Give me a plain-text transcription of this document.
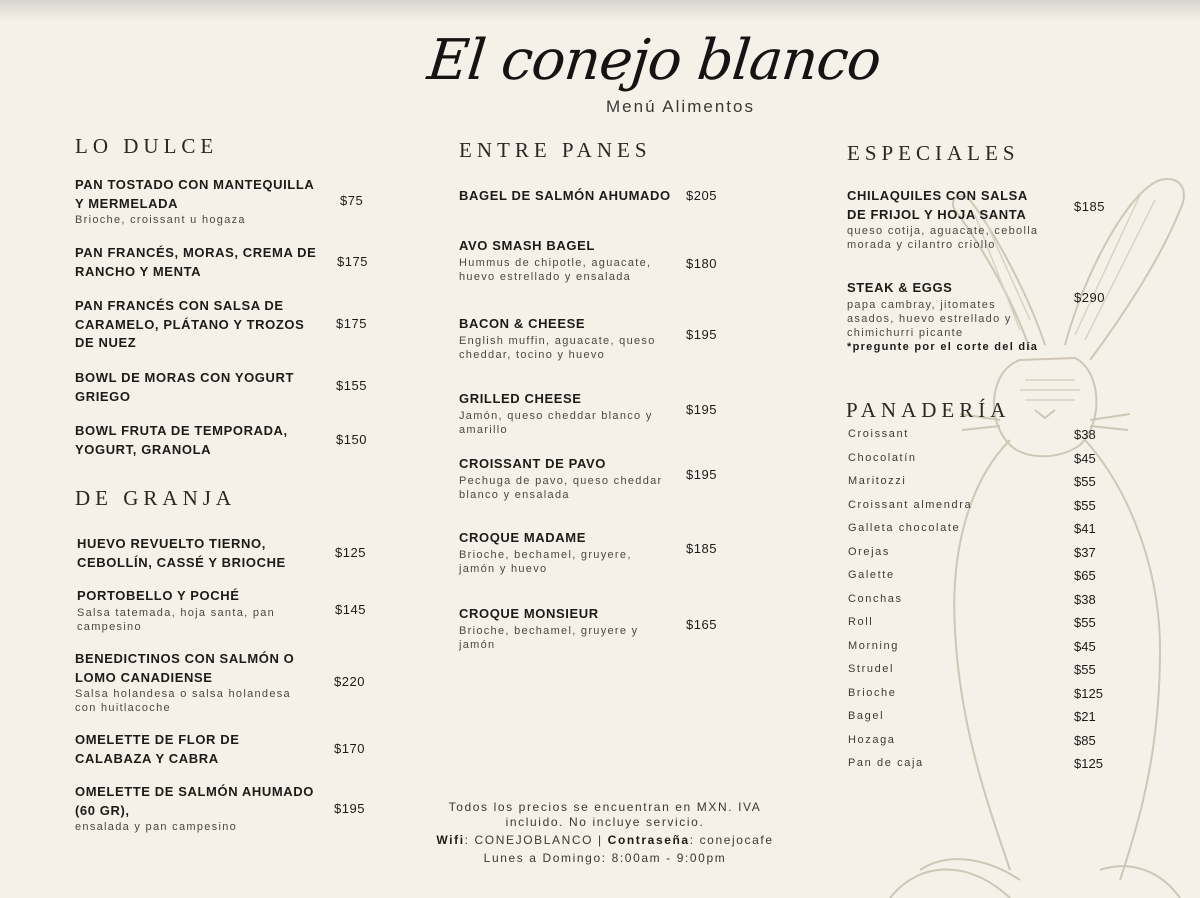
El conejo blanco
Menú Alimentos
LO DULCE
PAN TOSTADO CON MANTEQUILLA Y MERMELADA
Brioche, croissant u hogaza
$75
PAN FRANCÉS, MORAS, CREMA DE RANCHO Y MENTA
$175
PAN FRANCÉS CON SALSA DE CARAMELO, PLÁTANO Y TROZOS DE NUEZ
$175
BOWL DE MORAS CON YOGURT GRIEGO
$155
BOWL FRUTA DE TEMPORADA, YOGURT, GRANOLA
$150
DE GRANJA
HUEVO REVUELTO TIERNO, CEBOLLÍN, CASSÉ Y BRIOCHE
$125
PORTOBELLO Y POCHÉ
Salsa tatemada, hoja santa, pan campesino
$145
BENEDICTINOS CON SALMÓN O LOMO CANADIENSE
Salsa holandesa o salsa holandesa con huitlacoche
$220
OMELETTE DE FLOR DE CALABAZA Y CABRA
$170
OMELETTE DE SALMÓN AHUMADO (60 GR),
ensalada y pan campesino
$195
ENTRE PANES
BAGEL DE SALMÓN AHUMADO $205
AVO SMASH BAGEL
Hummus de chipotle, aguacate, huevo estrellado y ensalada
$180
BACON & CHEESE
English muffin, aguacate, queso cheddar, tocino y huevo
$195
GRILLED CHEESE
Jamón, queso cheddar blanco y amarillo
$195
CROISSANT DE PAVO
Pechuga de pavo, queso cheddar blanco y ensalada
$195
CROQUE MADAME
Brioche, bechamel, gruyere, jamón y huevo
$185
CROQUE MONSIEUR
Brioche, bechamel, gruyere y jamón
$165
ESPECIALES
CHILAQUILES CON SALSA DE FRIJOL Y HOJA SANTA
queso cotija, aguacate, cebolla morada y cilantro criollo
$185
STEAK & EGGS
papa cambray, jitomates asados, huevo estrellado y chimichurri picante
*pregunte por el corte del día
$290
PANADERÍA
Croissant	$38
Chocolatín	$45
Maritozzi	$55
Croissant almendra	$55
Galleta chocolate	$41
Orejas	$37
Galette	$65
Conchas	$38
Roll	$55
Morning	$45
Strudel	$55
Brioche	$125
Bagel	$21
Hozaga	$85
Pan de caja	$125
Todos los precios se encuentran en MXN. IVA incluido. No incluye servicio.
Wifi: CONEJOBLANCO | Contraseña: conejocafe
Lunes a Domingo: 8:00am - 9:00pm
